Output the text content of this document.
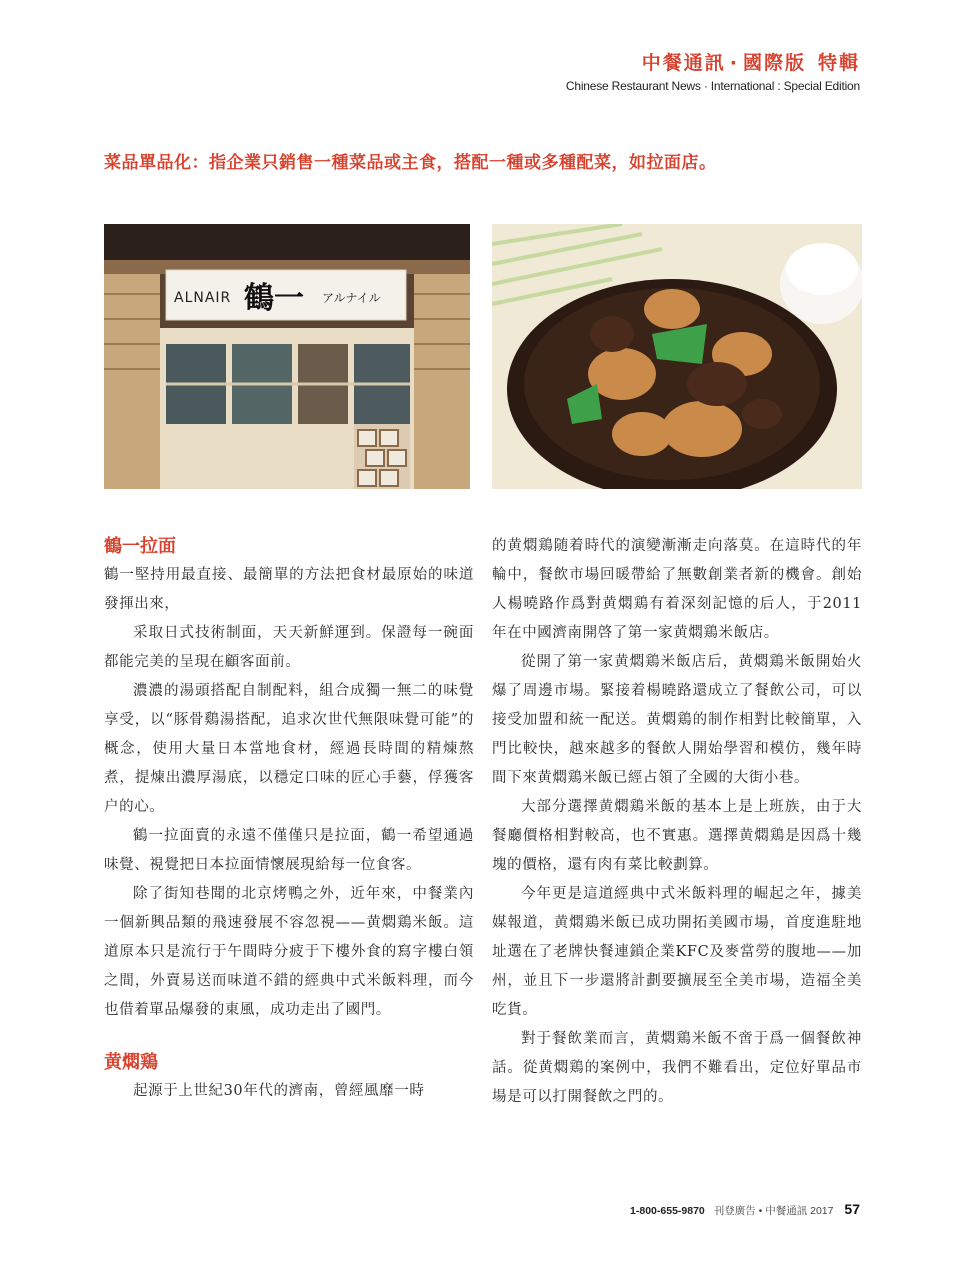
中餐通訊 · 國際版 特輯
Chinese Restaurant News · International : Special Edition
菜品單品化：指企業只銷售一種菜品或主食，搭配一種或多種配菜，如拉面店。
ALNAIR 鶴一 アルナイル
鶴一拉面

鶴一堅持用最直接、最簡單的方法把食材最原始的味道發揮出來，

采取日式技術制面，天天新鮮運到。保證每一碗面都能完美的呈現在顧客面前。

濃濃的湯頭搭配自制配料，組合成獨一無二的味覺享受，以“豚骨鷄湯搭配，追求次世代無限味覺可能”的概念，使用大量日本當地食材，經過長時間的精煉熬煮，提煉出濃厚湯底，以穩定口味的匠心手藝，俘獲客户的心。

鶴一拉面賣的永遠不僅僅只是拉面，鶴一希望通過味覺、視覺把日本拉面情懷展現給每一位食客。

除了街知巷聞的北京烤鴨之外，近年來，中餐業內一個新興品類的飛速發展不容忽視——黄燜鶏米飯。這道原本只是流行于午間時分疲于下樓外食的寫字樓白領之間，外賣易送而味道不錯的經典中式米飯料理，而今也借着單品爆發的東風，成功走出了國門。

黄燜鶏

起源于上世紀30年代的濟南，曾經風靡一時

的黄燜鶏随着時代的演變漸漸走向落莫。在這時代的年輪中，餐飲市場回暖帶給了無數創業者新的機會。創始人楊曉路作爲對黄燜鶏有着深刻記憶的后人，于2011年在中國濟南開啓了第一家黄燜鶏米飯店。

從開了第一家黄燜鶏米飯店后，黄燜鶏米飯開始火爆了周邊市場。緊接着楊曉路還成立了餐飲公司，可以接受加盟和統一配送。黄燜鶏的制作相對比較簡單，入門比較快，越來越多的餐飲人開始學習和模仿，幾年時間下來黄燜鶏米飯已經占領了全國的大街小巷。

大部分選擇黄燜鶏米飯的基本上是上班族，由于大餐廳價格相對較高，也不實惠。選擇黄燜鶏是因爲十幾塊的價格，還有肉有菜比較劃算。

今年更是這道經典中式米飯料理的崛起之年，據美媒報道，黄燜鶏米飯已成功開拓美國市場，首度進駐地址選在了老牌快餐連鎖企業KFC及麥當勞的腹地——加州，並且下一步還將計劃要擴展至全美市場，造福全美吃貨。

對于餐飲業而言，黄燜鶏米飯不啻于爲一個餐飲神話。從黄燜鶏的案例中，我們不難看出，定位好單品市場是可以打開餐飲之門的。

1-800-655-9870 刊登廣告 • 中餐通訊 2017 57
